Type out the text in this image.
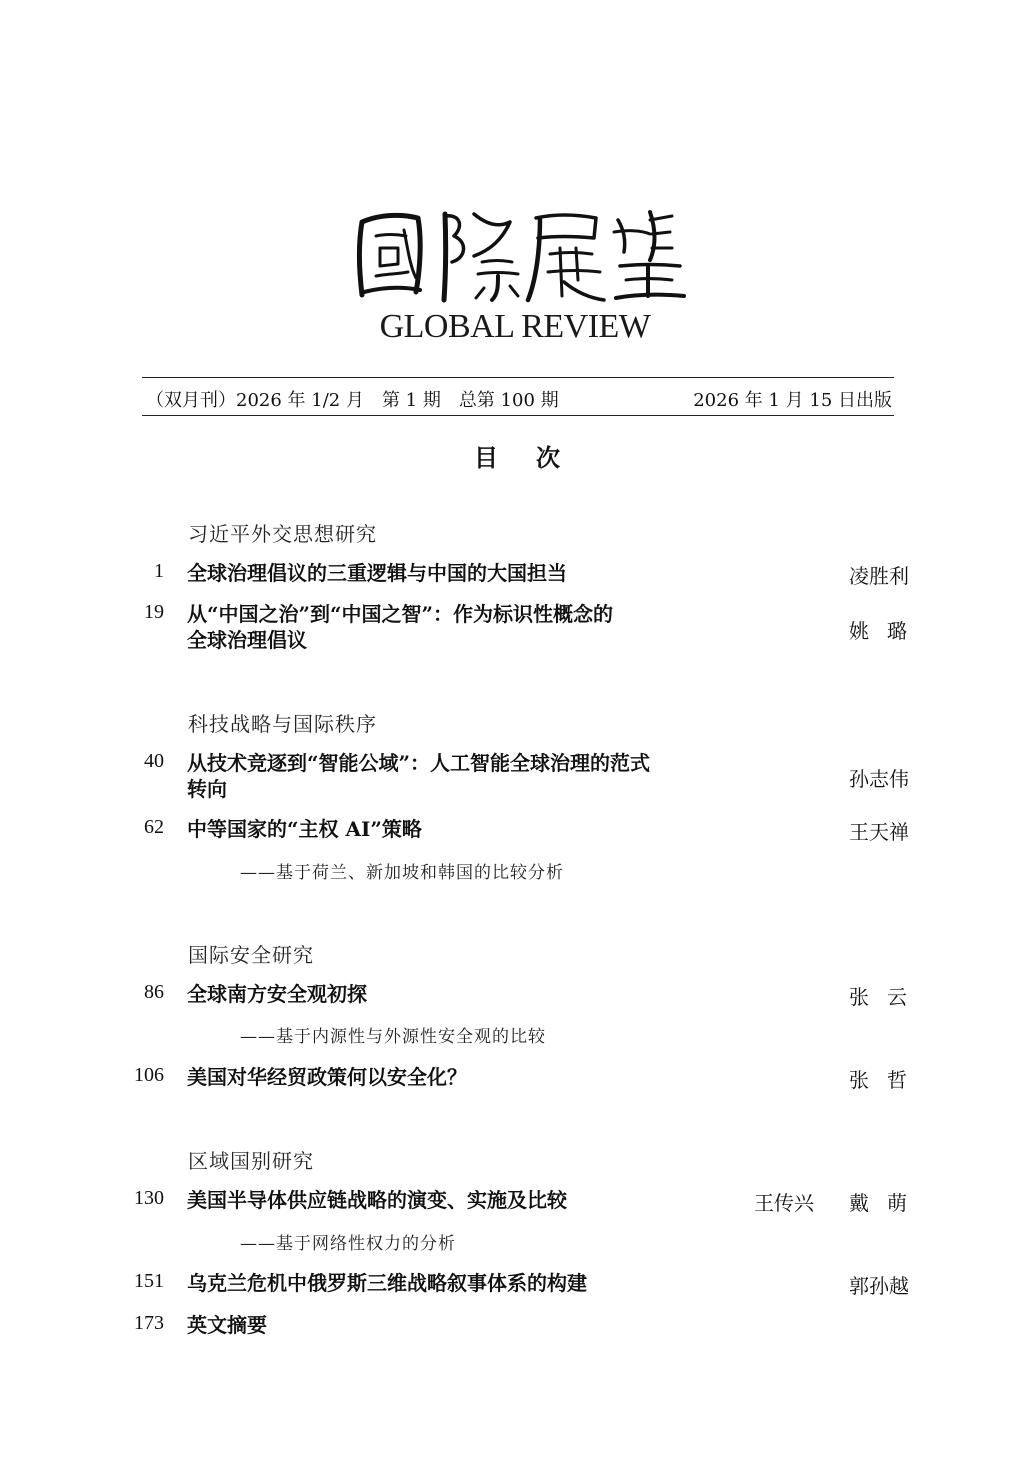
GLOBAL REVIEW
（双月刊）2026 年 1/2 月　第 1 期　总第 100 期	2026 年 1 月 15 日出版
目次
习近平外交思想研究
1 全球治理倡议的三重逻辑与中国的大国担当	凌胜利
19 从“中国之治”到“中国之智”：作为标识性概念的
全球治理倡议	姚璐
科技战略与国际秩序
40 从技术竞逐到“智能公域”：人工智能全球治理的范式
转向	孙志伟
62 中等国家的“主权 AI”策略	王天禅
——基于荷兰、新加坡和韩国的比较分析
国际安全研究
86 全球南方安全观初探	张云
——基于内源性与外源性安全观的比较
106 美国对华经贸政策何以安全化？	张哲
区域国别研究
130 美国半导体供应链战略的演变、实施及比较	王传兴 戴萌
——基于网络性权力的分析
151 乌克兰危机中俄罗斯三维战略叙事体系的构建	郭孙越
173 英文摘要
